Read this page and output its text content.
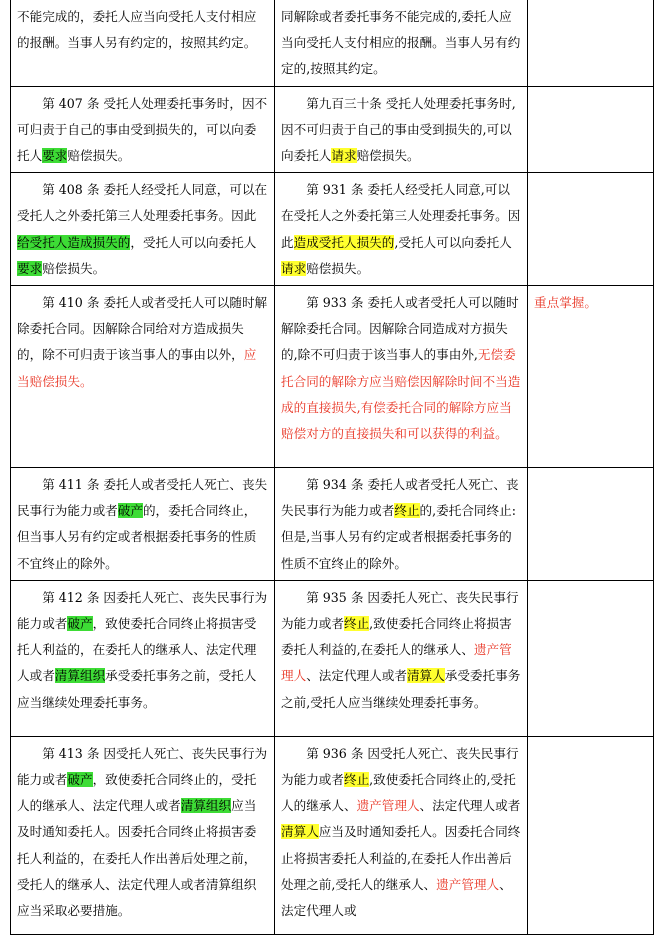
不能完成的，委托人应当向受托人支付相应的报酬。当事人另有约定的，按照其约定。	同解除或者委托事务不能完成的,委托人应当向受托人支付相应的报酬。当事人另有约定的,按照其约定。	

第 407 条 受托人处理委托事务时，因不可归责于自己的事由受到损失的，可以向委托人要求赔偿损失。	第九百三十条 受托人处理委托事务时,因不可归责于自己的事由受到损失的,可以向委托人请求赔偿损失。	

第 408 条 委托人经受托人同意，可以在受托人之外委托第三人处理委托事务。因此给受托人造成损失的，受托人可以向委托人要求赔偿损失。	第 931 条 委托人经受托人同意,可以在受托人之外委托第三人处理委托事务。因此造成受托人损失的,受托人可以向委托人请求赔偿损失。	

第 410 条 委托人或者受托人可以随时解除委托合同。因解除合同给对方造成损失的，除不可归责于该当事人的事由以外，应当赔偿损失。	第 933 条 委托人或者受托人可以随时解除委托合同。因解除合同造成对方损失的,除不可归责于该当事人的事由外,无偿委托合同的解除方应当赔偿因解除时间不当造成的直接损失,有偿委托合同的解除方应当赔偿对方的直接损失和可以获得的利益。	重点掌握。

第 411 条 委托人或者受托人死亡、丧失民事行为能力或者破产的，委托合同终止，但当事人另有约定或者根据委托事务的性质不宜终止的除外。	第 934 条 委托人或者受托人死亡、丧失民事行为能力或者终止的,委托合同终止:但是,当事人另有约定或者根据委托事务的性质不宜终止的除外。	

第 412 条 因委托人死亡、丧失民事行为能力或者破产，致使委托合同终止将损害受托人利益的，在委托人的继承人、法定代理人或者清算组织承受委托事务之前，受托人应当继续处理委托事务。	第 935 条 因委托人死亡、丧失民事行为能力或者终止,致使委托合同终止将损害委托人利益的,在委托人的继承人、遗产管理人、法定代理人或者清算人承受委托事务之前,受托人应当继续处理委托事务。	

第 413 条 因受托人死亡、丧失民事行为能力或者破产，致使委托合同终止的，受托人的继承人、法定代理人或者清算组织应当及时通知委托人。因委托合同终止将损害委托人利益的，在委托人作出善后处理之前，受托人的继承人、法定代理人或者清算组织应当采取必要措施。	第 936 条 因受托人死亡、丧失民事行为能力或者终止,致使委托合同终止的,受托人的继承人、遗产管理人、法定代理人或者清算人应当及时通知委托人。因委托合同终止将损害委托人利益的,在委托人作出善后处理之前,受托人的继承人、遗产管理人、法定代理人或	
